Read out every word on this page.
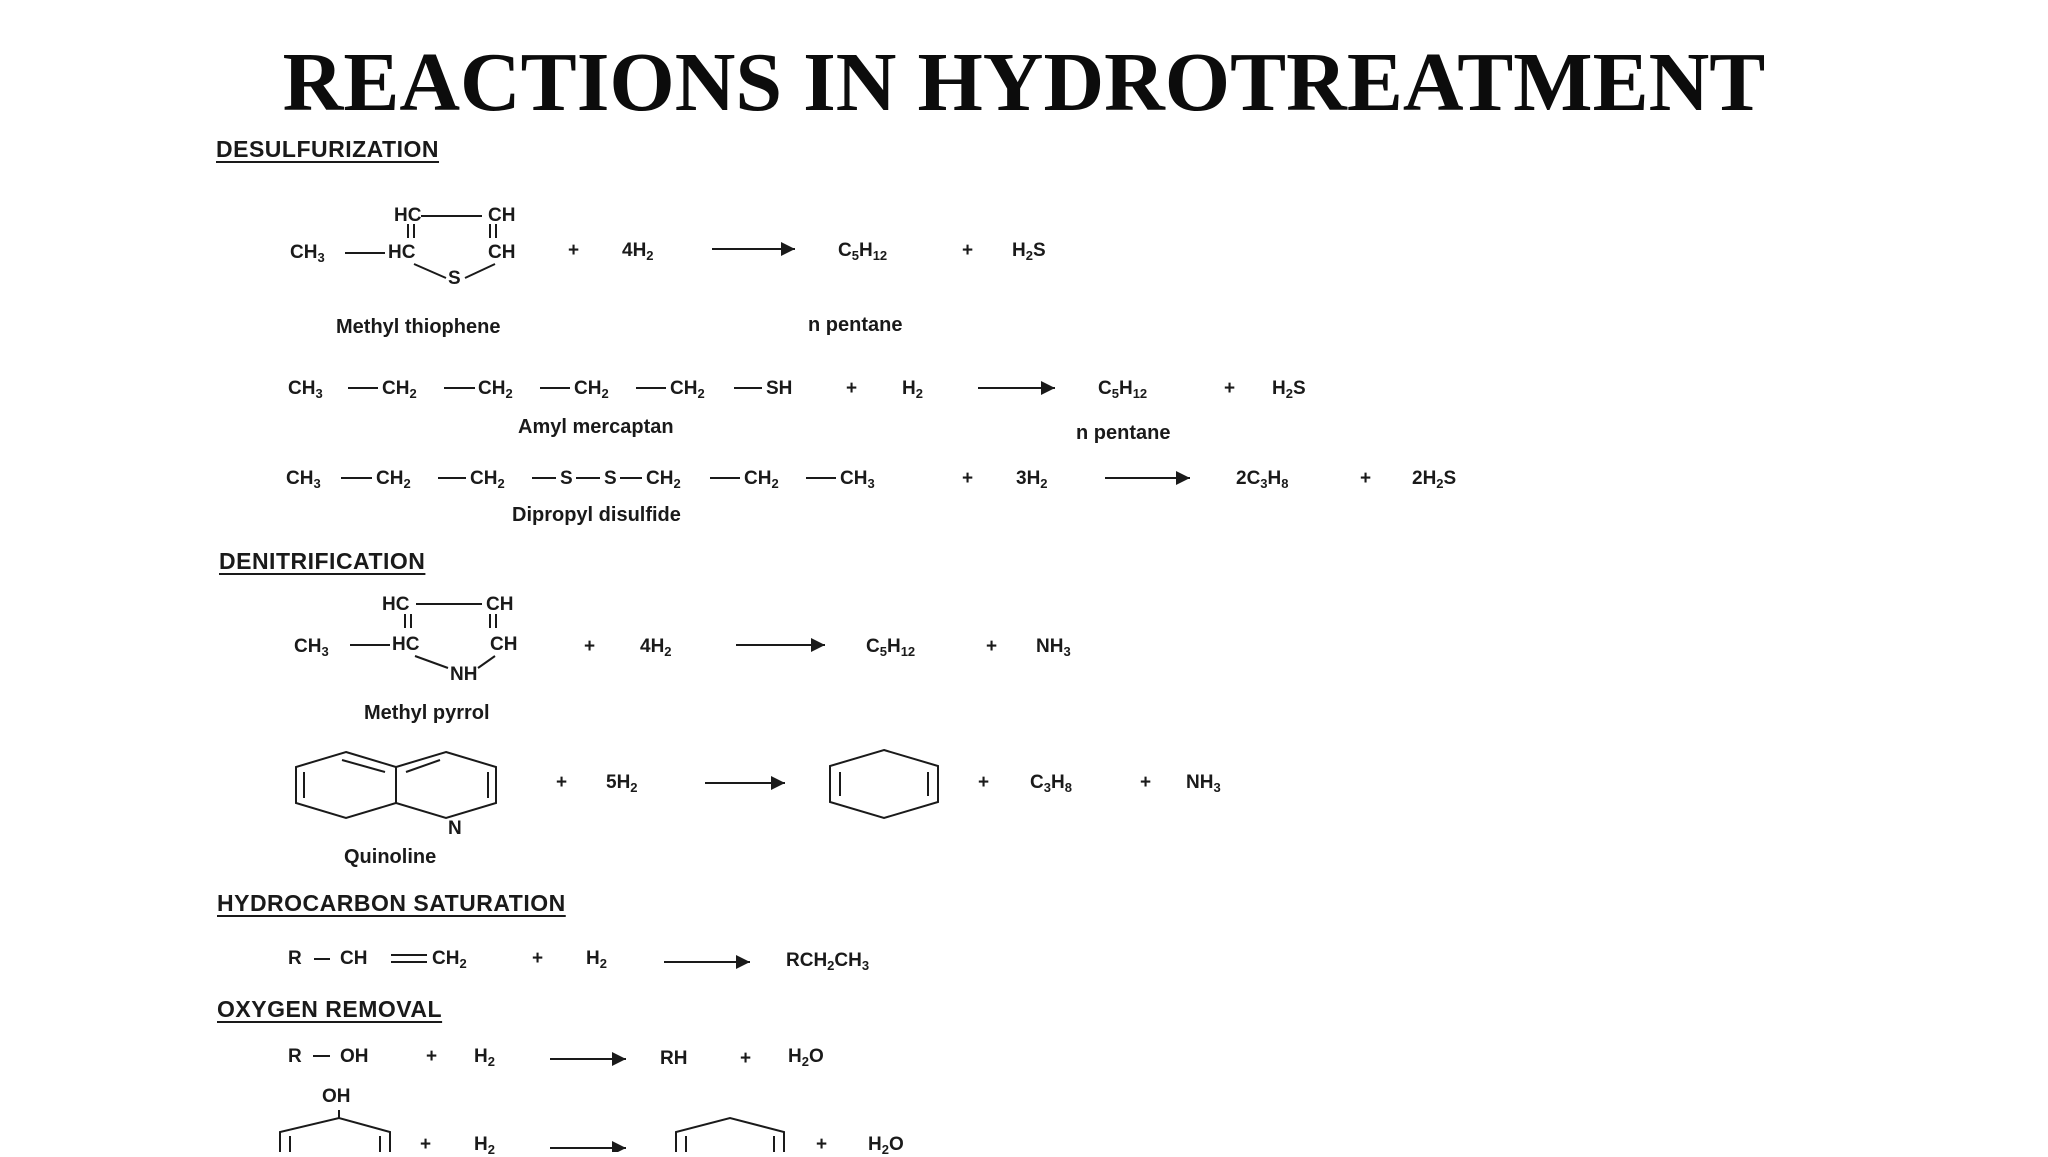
REACTIONS IN HYDROTREATMENT
DESULFURIZATION
DENITRIFICATION
HYDROCARBON SATURATION
OXYGEN REMOVAL
HC	CH
$CH_3$	HC	CH
S
+ $4H_2$	$C_5H_{12}$	+ $H_2S$
Methyl thiophene	n pentane
$CH_3$	$CH_2$	$CH_2$	$CH_2$	$CH_2$	SH	+ $H_2$	$C_5H_{12}$	+ $H_2S$
Amyl mercaptan	n pentane
$CH_3$	$CH_2$	$CH_2$	S S $CH_2$	$CH_2$	$CH_3$	+ $3H_2$	$2C_3H_8$	+ $2H_2S$
Dipropyl disulfide
HC	CH
$CH_3$	HC	CH
NH
+ $4H_2$	$C_5H_{12}$	+ $NH_3$
Methyl pyrrol
N
+ $5H_2$	+ $C_3H_8$	+ $NH_3$
Quinoline
R CH	$CH_2$	+ $H_2$	$RCH_2CH_3$
R OH	+ $H_2$	RH	+ $H_2O$
OH
+ $H_2$	+ $H_2O$
